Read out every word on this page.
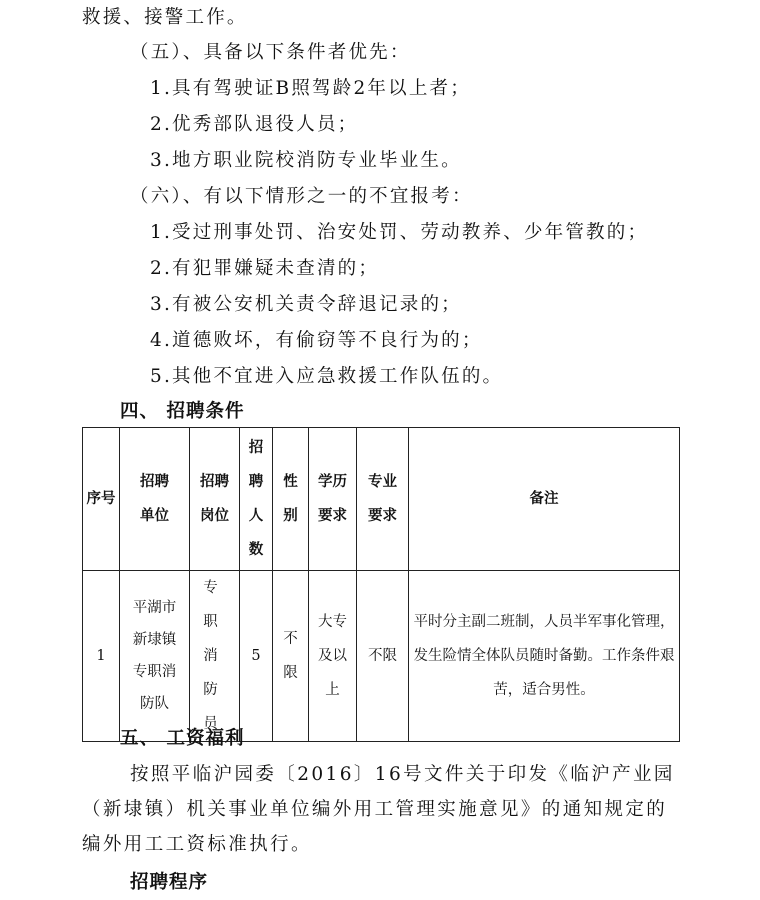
救援、接警工作。
（五）、具备以下条件者优先：
1.具有驾驶证B照驾龄2年以上者；
2.优秀部队退役人员；
3.地方职业院校消防专业毕业生。
（六）、有以下情形之一的不宜报考：
1.受过刑事处罚、治安处罚、劳动教养、少年管教的；
2.有犯罪嫌疑未查清的；
3.有被公安机关责令辞退记录的；
4.道德败坏，有偷窃等不良行为的；
5.其他不宜进入应急救援工作队伍的。
四、 招聘条件
序号	招聘单位	招聘岗位	招聘人数	性别	学历要求	专业要求	备注
1	平湖市新埭镇专职消防队	专职消防员	5	不限	大专及以上	不限	平时分主副二班制，人员半军事化管理，发生险情全体队员随时备勤。工作条件艰苦，适合男性。
五、 工资福利
按照平临沪园委〔2016〕16号文件关于印发《临沪产业园（新埭镇）机关事业单位编外用工管理实施意见》的通知规定的编外用工工资标准执行。
招聘程序
